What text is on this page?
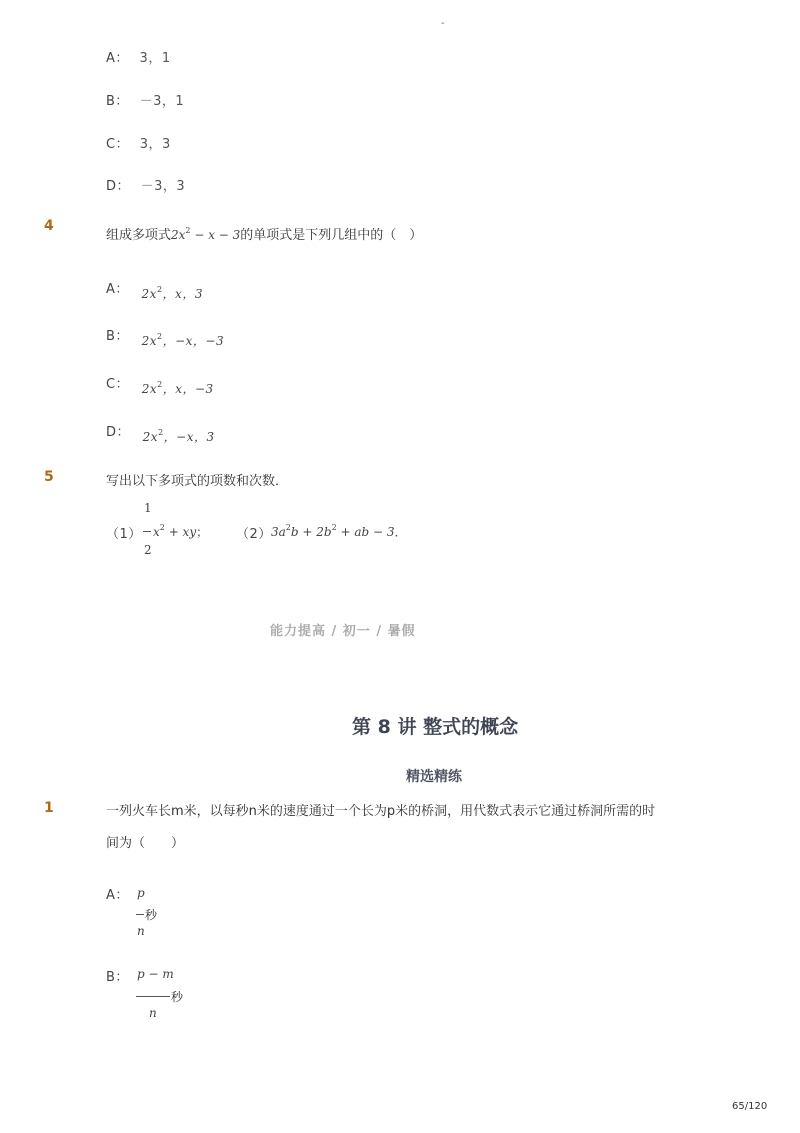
-
A： 3，1
B： －3，1
C： 3，3
D： －3，3
4
组成多项式$2x^2 - x - 3$的单项式是下列几组中的（　）
A： $2x^2$，x，3
B： $2x^2$，−x，−3
C： $2x^2$，x，−3
D： $2x^2$，−x，3
5	写出以下多项式的项数和次数．
（1）
1
2
$x^2$ + xy； （2） $3a^2b + 2b^2$ + ab − 3．
能力提高 / 初一 / 暑假
第 8 讲 整式的概念
精选精练
1	一列火车长m米，以每秒n米的速度通过一个长为p米的桥洞，用代数式表示它通过桥洞所需的时
间为（　　）
A： p
秒
n
B： p − m
秒
n
65/120
